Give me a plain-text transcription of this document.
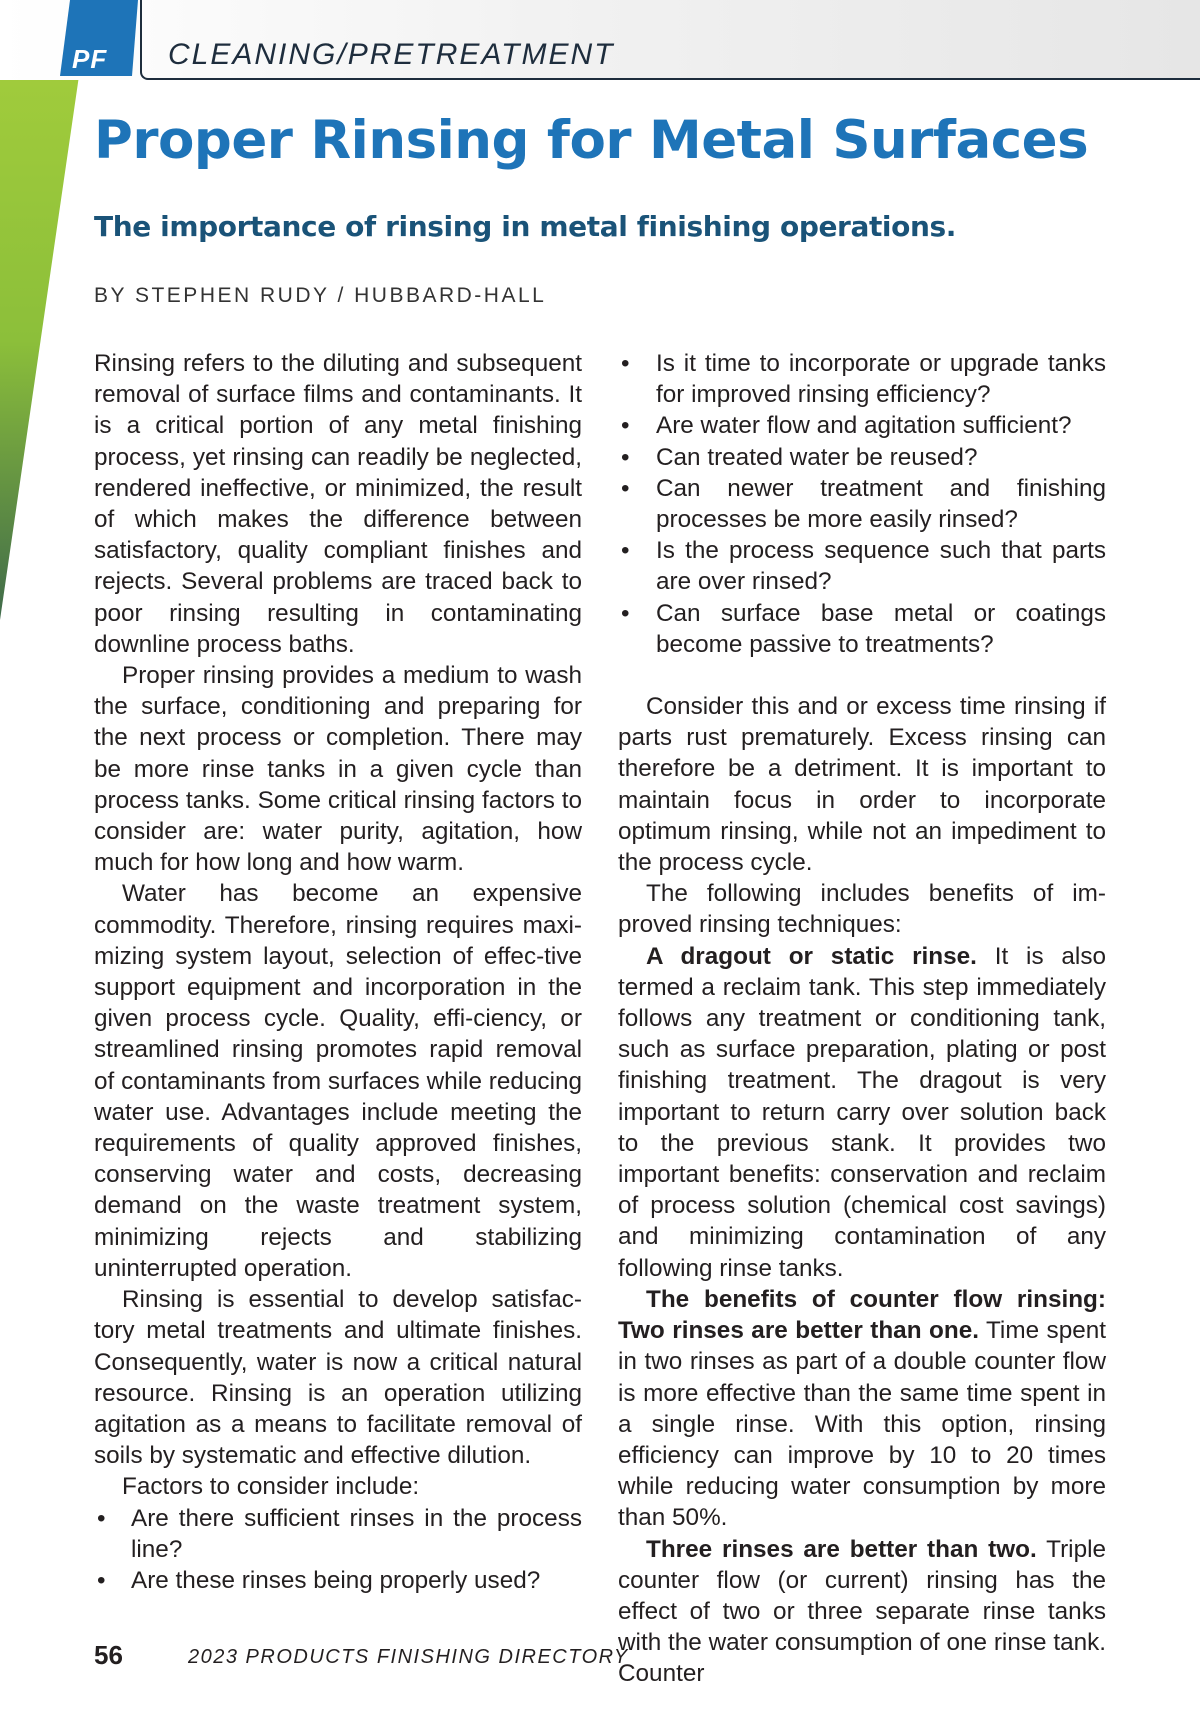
PF	CLEANING/PRETREATMENT
Proper Rinsing for Metal Surfaces
The importance of rinsing in metal finishing operations.
BY STEPHEN RUDY / HUBBARD-HALL

Rinsing refers to the diluting and subsequent removal of surface films and contaminants. It is a critical portion of any metal finishing process, yet rinsing can readily be neglected, rendered ineffective, or minimized, the result of which makes the difference between satisfactory, quality compliant finishes and rejects. Several problems are traced back to poor rinsing resulting in contaminating downline process baths.

Proper rinsing provides a medium to wash the surface, conditioning and preparing for the next process or completion. There may be more rinse tanks in a given cycle than process tanks. Some critical rinsing factors to consider are: water purity, agitation, how much for how long and how warm.

Water has become an expensive commodity. Therefore, rinsing requires maxi-mizing system layout, selection of effec-tive support equipment and incorporation in the given process cycle. Quality, effi-ciency, or streamlined rinsing promotes rapid removal of contaminants from surfaces while reducing water use. Advantages include meeting the requirements of quality approved finishes, conserving water and costs, decreasing demand on the waste treatment system, minimizing rejects and stabilizing uninterrupted operation.

Rinsing is essential to develop satisfac-tory metal treatments and ultimate finishes. Consequently, water is now a critical natural resource. Rinsing is an operation utilizing agitation as a means to facilitate removal of soils by systematic and effective dilution.

Factors to consider include:

• Are there sufficient rinses in the process line?
• Are these rinses being properly used?
• Is it time to incorporate or upgrade tanks for improved rinsing efficiency?
• Are water flow and agitation sufficient?
• Can treated water be reused?
• Can newer treatment and finishing processes be more easily rinsed?
• Is the process sequence such that parts are over rinsed?
• Can surface base metal or coatings become passive to treatments?

Consider this and or excess time rinsing if parts rust prematurely. Excess rinsing can therefore be a detriment. It is important to maintain focus in order to incorporate optimum rinsing, while not an impediment to the process cycle.

The following includes benefits of im-proved rinsing techniques:

A dragout or static rinse. It is also termed a reclaim tank. This step immediately follows any treatment or conditioning tank, such as surface preparation, plating or post finishing treatment. The dragout is very important to return carry over solution back to the previous stank. It provides two important benefits: conservation and reclaim of process solution (chemical cost savings) and minimizing contamination of any following rinse tanks.

The benefits of counter flow rinsing: Two rinses are better than one. Time spent in two rinses as part of a double counter flow is more effective than the same time spent in a single rinse. With this option, rinsing efficiency can improve by 10 to 20 times while reducing water consumption by more than 50%.

Three rinses are better than two. Triple counter flow (or current) rinsing has the effect of two or three separate rinse tanks with the water consumption of one rinse tank. Counter

56	2023 PRODUCTS FINISHING DIRECTORY
